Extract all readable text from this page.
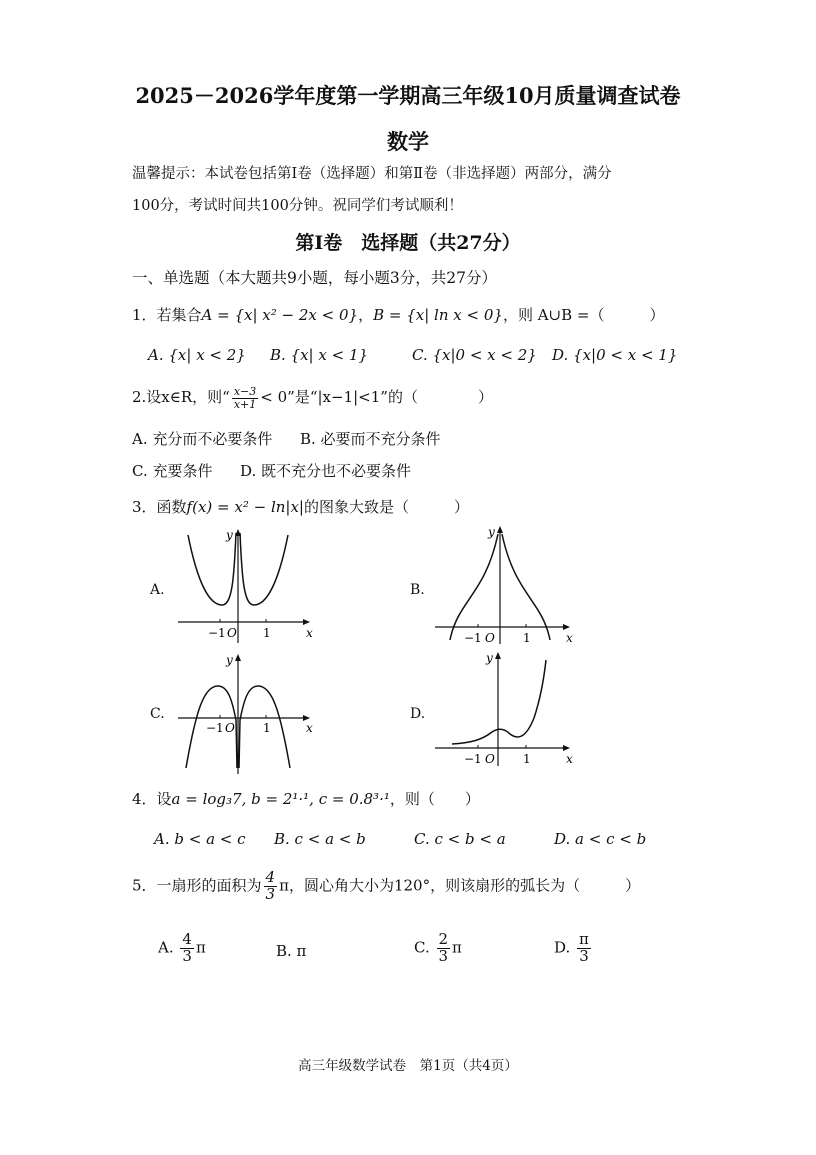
2025－2026学年度第一学期高三年级10月质量调查试卷
数学
温馨提示：本试卷包括第Ⅰ卷（选择题）和第Ⅱ卷（非选择题）两部分，满分
100分，考试时间共100分钟。祝同学们考试顺利！
第Ⅰ卷　选择题（共27分）
一、单选题（本大题共9小题，每小题3分，共27分）
1．若集合A = {x| x² − 2x < 0}，B = {x| ln x < 0}，则 A∪B =（　　　）
A. {x| x < 2} B. {x| x < 1}	C. {x|0 < x < 2} D. {x|0 < x < 1}
2.设x∈R，则“ $\frac{x-3}{x+1} < 0$”是“|x−1|<1”的（　　　　）
A. 充分而不必要条件 B. 必要而不充分条件
C. 充要条件 D. 既不充分也不必要条件
3．函数f(x) = x² − ln|x|的图象大致是（　　　）
A.	B.
C.	D.
y
x
−1 O 1
y
x
−1 O 1
y
x
−1 O 1
y
x
−1 O 1
4．设a = log₃7, b = 2¹·¹, c = 0.8³·¹，则（　　）
A. b < a < c B. c < a < b	C. c < b < a	D. a < c < b
5．一扇形的面积为 $\frac{4}{3}$ π，圆心角大小为120°，则该扇形的弧长为（　　　）
A. $\frac{4}{3}$ π	B. π	C. $\frac{2}{3}$ π	D. $\frac{\pi}{3}$
高三年级数学试卷　第1页（共4页）
